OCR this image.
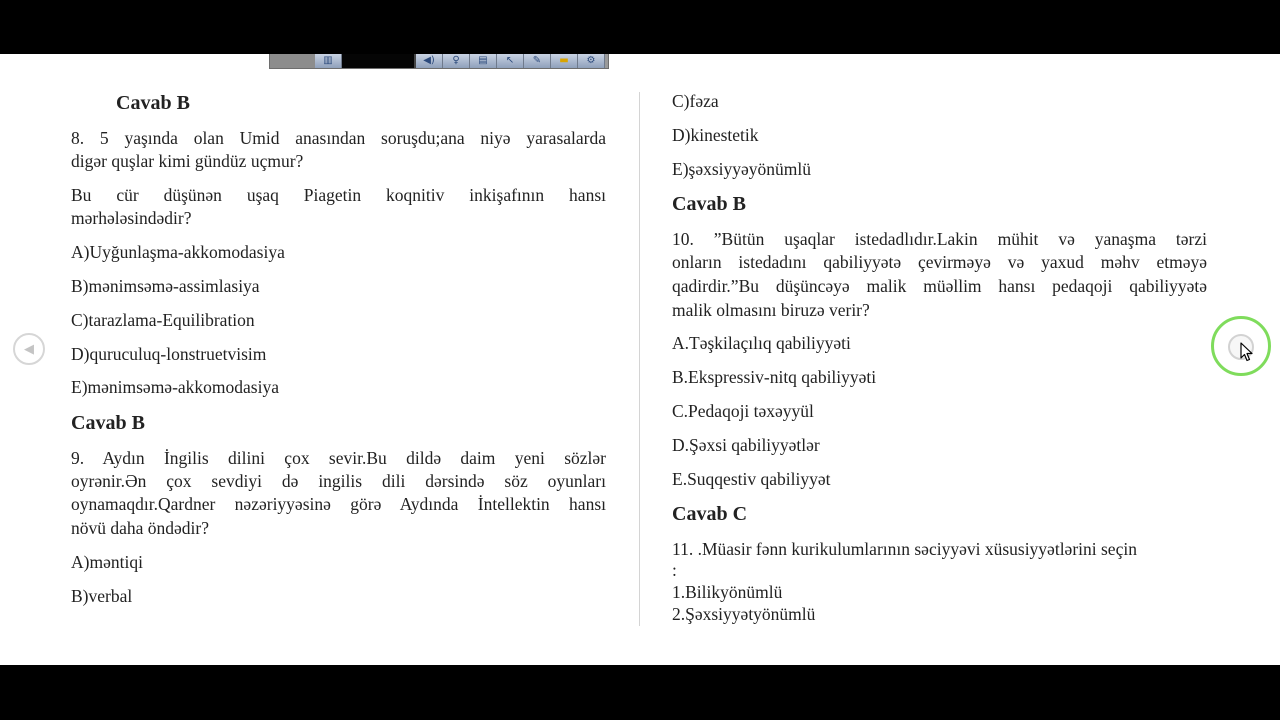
▥	◀)	♀	▤	↖	✎	▬	⚙

Cavab B

8. 5 yaşında olan Umid anasından soruşdu;ana niyə yarasalarda

digər quşlar kimi gündüz uçmur?

Bu cür düşünən uşaq Piagetin koqnitiv inkişafının hansı

mərhələsindədir?

A)Uyğunlaşma-akkomodasiya

B)mənimsəmə-assimlasiya

C)tarazlama-Equilibration

D)quruculuq-lonstruetvisim

E)mənimsəmə-akkomodasiya

Cavab B

9. Aydın İngilis dilini çox sevir.Bu dildə daim yeni sözlər

oyrənir.Ən çox sevdiyi də ingilis dili dərsində söz oyunları

oynamaqdır.Qardner nəzəriyyəsinə görə Aydında İntellektin hansı

növü daha öndədir?

A)məntiqi

B)verbal

C)fəza

D)kinestetik

E)şəxsiyyəyönümlü

Cavab B

10. ”Bütün uşaqlar istedadlıdır.Lakin mühit və yanaşma tərzi

onların istedadını qabiliyyətə çevirməyə və yaxud məhv etməyə

qadirdir.”Bu düşüncəyə malik müəllim hansı pedaqoji qabiliyyətə

malik olmasını biruzə verir?

A.Təşkilaçılıq qabiliyyəti

B.Ekspressiv-nitq qabiliyyəti

C.Pedaqoji təxəyyül

D.Şəxsi qabiliyyətlər

E.Suqqestiv qabiliyyət

Cavab C

11. .Müasir fənn kurikulumlarının səciyyəvi xüsusiyyətlərini seçin

:

1.Bilikyönümlü

2.Şəxsiyyətyönümlü

◀
